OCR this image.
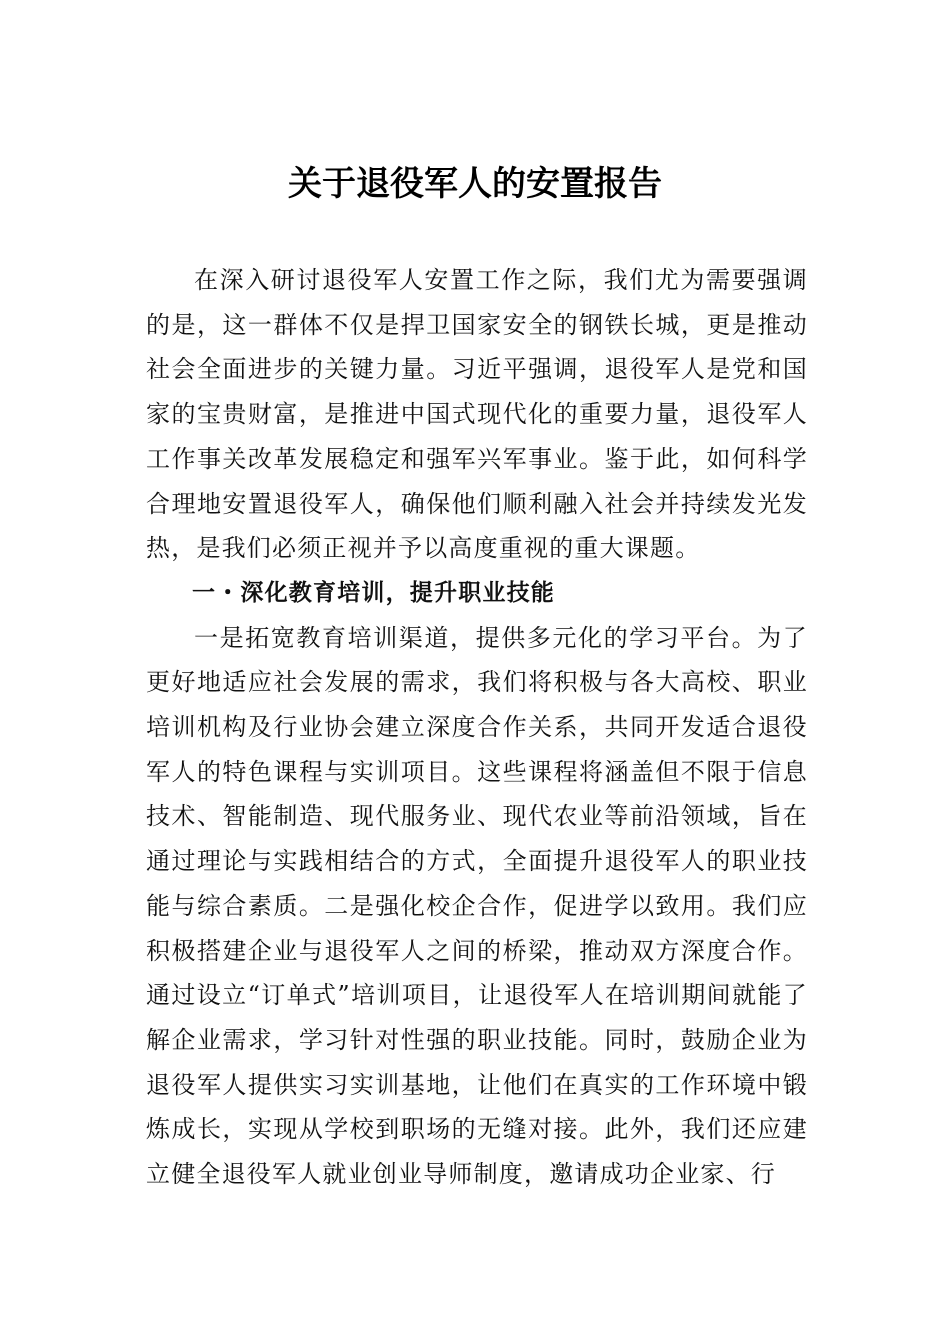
关于退役军人的安置报告

在深入研讨退役军人安置工作之际，我们尤为需要强调的是，这一群体不仅是捍卫国家安全的钢铁长城，更是推动社会全面进步的关键力量。习近平强调，退役军人是党和国家的宝贵财富，是推进中国式现代化的重要力量，退役军人工作事关改革发展稳定和强军兴军事业。鉴于此，如何科学合理地安置退役军人，确保他们顺利融入社会并持续发光发热，是我们必须正视并予以高度重视的重大课题。

一・深化教育培训，提升职业技能

一是拓宽教育培训渠道，提供多元化的学习平台。为了更好地适应社会发展的需求，我们将积极与各大高校、职业培训机构及行业协会建立深度合作关系，共同开发适合退役军人的特色课程与实训项目。这些课程将涵盖但不限于信息技术、智能制造、现代服务业、现代农业等前沿领域，旨在通过理论与实践相结合的方式，全面提升退役军人的职业技能与综合素质。二是强化校企合作，促进学以致用。我们应积极搭建企业与退役军人之间的桥梁，推动双方深度合作。通过设立“订单式”培训项目，让退役军人在培训期间就能了解企业需求，学习针对性强的职业技能。同时，鼓励企业为退役军人提供实习实训基地，让他们在真实的工作环境中锻炼成长，实现从学校到职场的无缝对接。此外，我们还应建立健全退役军人就业创业导师制度，邀请成功企业家、行
